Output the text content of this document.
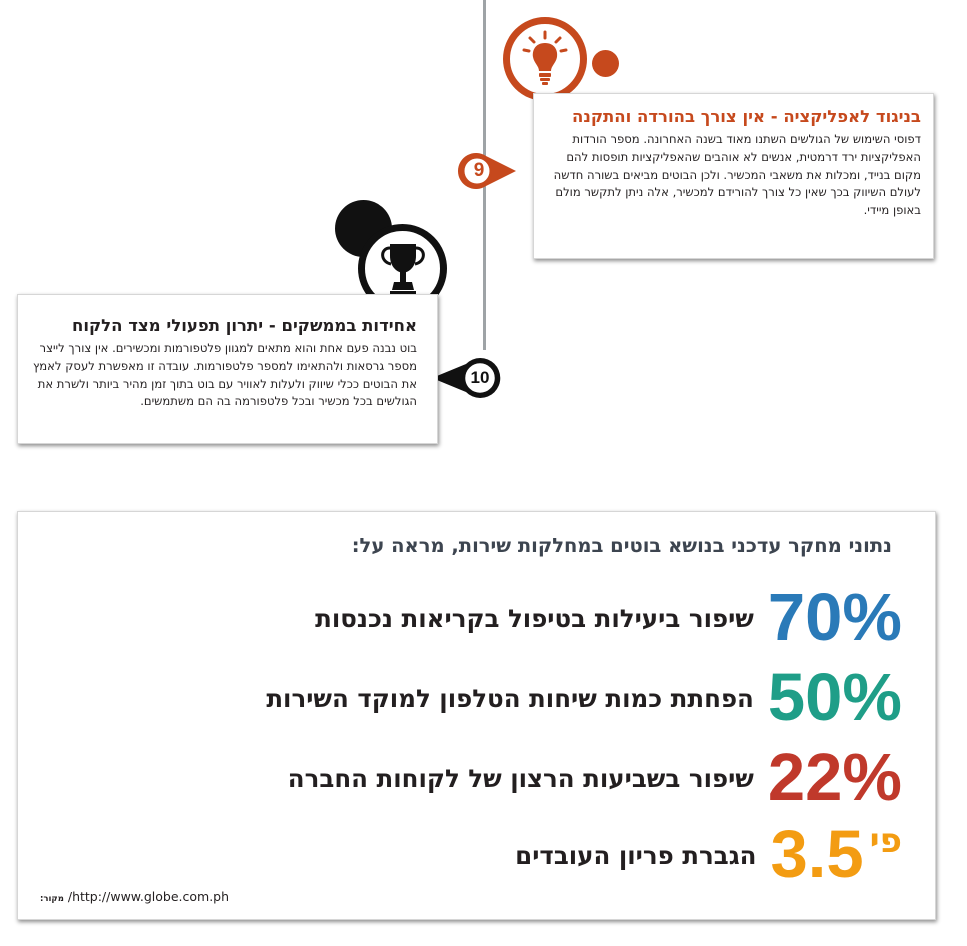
9
בניגוד לאפליקציה - אין צורך בהורדה והתקנה

דפוסי השימוש של הגולשים השתנו מאוד בשנה האחרונה. מספר הורדות האפליקציות ירד דרמטית, אנשים לא אוהבים שהאפליקציות תופסות להם מקום בנייד, ומכלות את משאבי המכשיר. ולכן הבוטים מביאים בשורה חדשה לעולם השיווק בכך שאין כל צורך להורידם למכשיר, אלה ניתן לתקשר מולם באופן מיידי.

10
אחידות בממשקים - יתרון תפעולי מצד הלקוח

בוט נבנה פעם אחת והוא מתאים למגוון פלטפורמות ומכשירים. אין צורך לייצר מספר גרסאות ולהתאימו למספר פלטפורמות. עובדה זו מאפשרת לעסק לאמץ את הבוטים ככלי שיווק ולעלות לאוויר עם בוט בתוך זמן מהיר ביותר ולשרת את הגולשים בכל מכשיר ובכל פלטפורמה בה הם משתמשים.

נתוני מחקר עדכני בנושא בוטים במחלקות שירות, מראה על:
70%
שיפור ביעילות בטיפול בקריאות נכנסות
50%
הפחתת כמות שיחות הטלפון למוקד השירות
22%
שיפור בשביעות הרצון של לקוחות החברה
פי
3.5
הגברת פריון העובדים
http://www.globe.com.ph/ מקור:
